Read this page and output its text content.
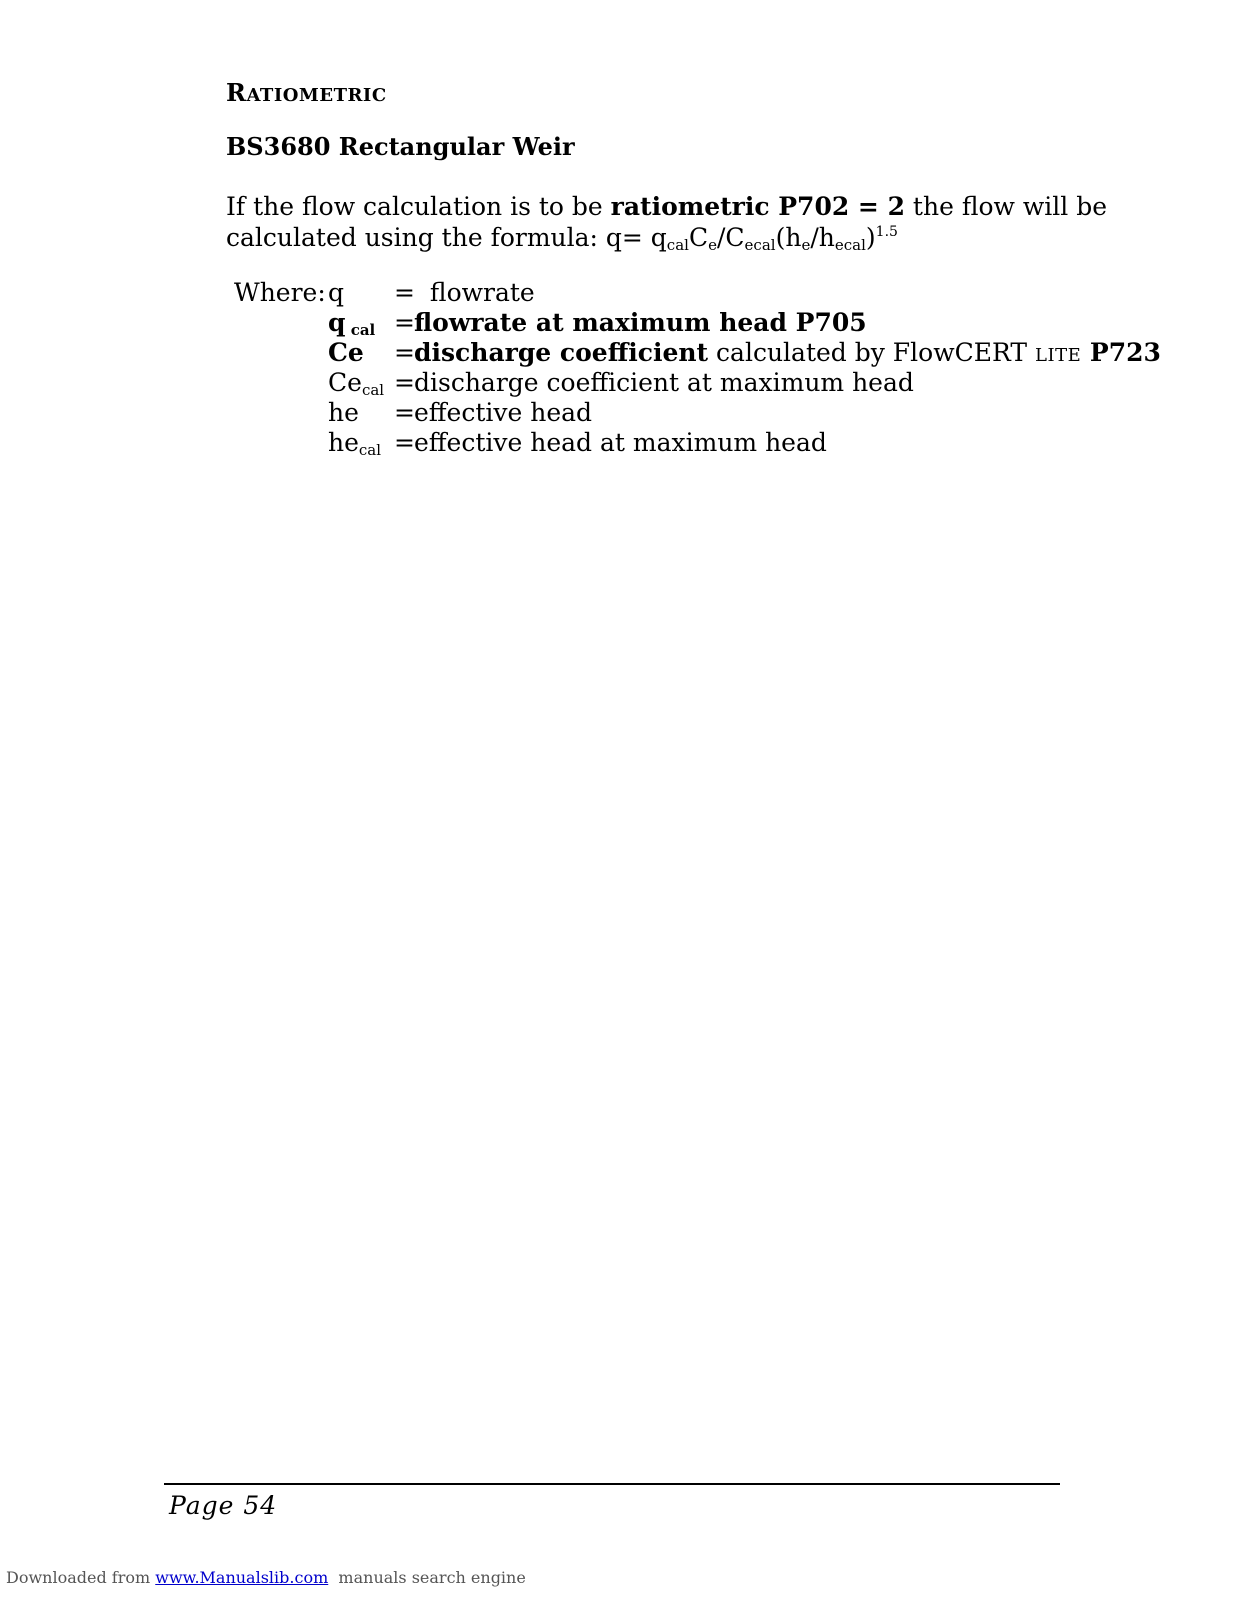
RATIOMETRIC
BS3680 Rectangular Weir
If the flow calculation is to be ratiometric P702 = 2 the flow will be
calculated using the formula: $q= q_{cal}C_e/C_{ecal}(h_e/h_{ecal})^{1.5}$
Where: q =  flowrate
q $_{cal}$ =flowrate at maximum head P705
Ce =discharge coefficient calculated by FlowCERT LITE P723
$Ce_{cal}$ =discharge coefficient at maximum head
he =effective head
$he_{cal}$ =effective head at maximum head
Page 54
Downloaded from www.Manualslib.com  manuals search engine
